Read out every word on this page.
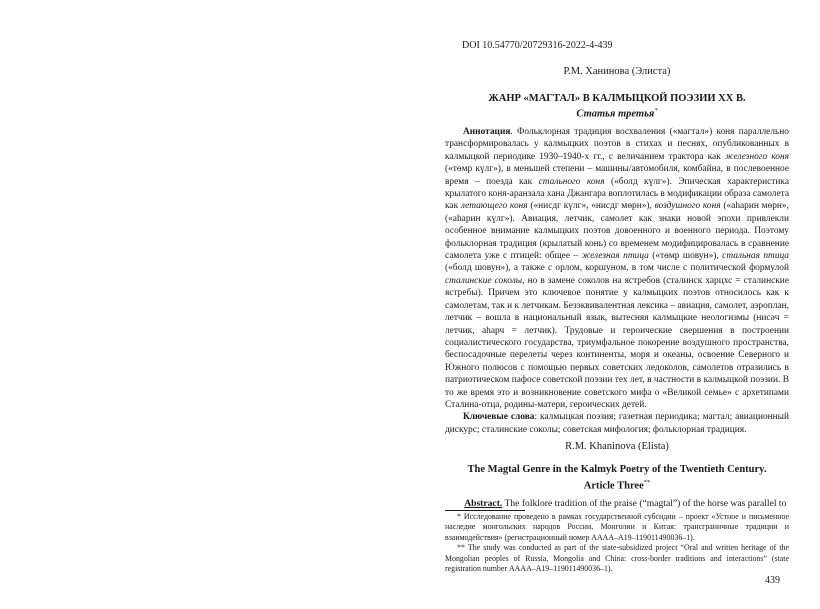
DOI 10.54770/20729316-2022-4-439
Р.М. Ханинова (Элиста)
ЖАНР «МАГТАЛ» В КАЛМЫЦКОЙ ПОЭЗИИ XX В.
Статья третья*

Аннотация. Фольклорная традиция восхваления («магтал») коня параллельно трансформировалась у калмыцких поэтов в стихах и песнях, опубликованных в калмыцкой периодике 1930–1940-х гг., с величанием трактора как железного коня («төмр күлг»), в меньшей степени – машины/автомобиля, комбайна, в послевоенное время – поезда как стального коня («болд күлг»). Эпическая характеристика крылатого коня-аранзала хана Джангара воплотилась в модификации образа самолета как летающего коня («нисдг күлг», «нисдг мөрн»), воздушного коня («аhарин мөрн», («аhарин күлг»). Авиация, летчик, самолет как знаки новой эпохи привлекли особенное внимание калмыцких поэтов довоенного и военного периода. Поэтому фольклорная традиция (крылатый конь) со временем модифицировалась в сравнение самолета уже с птицей: общее – железная птица («төмр шовун»), стальная птица («болд шовун»), а также с орлом, коршуном, в том числе с политической формулой сталинские соколы, но в замене соколов на ястребов (сталинск харцхс = сталинские ястребы). Причем это ключевое понятие у калмыцких поэтов относилось как к самолетам, так и к летчикам. Безэквивалентная лексика – авиация, самолет, аэроплан, летчик – вошла в национальный язык, вытесняя калмыцкие неологизмы (нисәч = летчик, аhарч = летчик). Трудовые и героические свершения в построении социалистического государства, триумфальное покорение воздушного пространства, беспосадочные перелеты через континенты, моря и океаны, освоение Северного и Южного полюсов с помощью первых советских ледоколов, самолетов отразились в патриотическом пафосе советской поэзии тех лет, в частности в калмыцкой поэзии. В то же время это и возникновение советского мифа о «Великой семье» с архетипами Сталина-отца, родины-матери, героических детей.

Ключевые слова: калмыцкая поэзия; газетная периодика; магтал; авиационный дискурс; сталинские соколы; советская мифология; фольклорная традиция.

R.M. Khaninova (Elista)
The Magtal Genre in the Kalmyk Poetry of the Twentieth Century.
Article Three**
  Abstract. The folklore tradition of the praise (“magtal”) of the horse was parallel to

* Исследование проведено в рамках государственной субсидии – проект «Устное и письменное наследие монгольских народов России, Монголии и Китая: трансграничные традиции и взаимодействия» (регистрационный номер АААА–А19–119011490036–1).

** The study was conducted as part of the state-subsidized project “Oral and written heritage of the Mongolian peoples of Russia, Mongolia and China: cross-border traditions and interactions” (state registration number АААА–А19–119011490036–1).

439
